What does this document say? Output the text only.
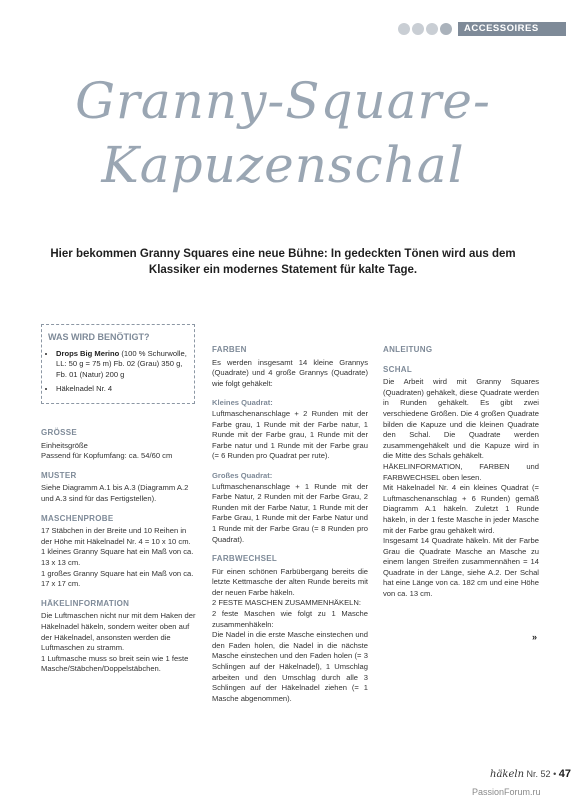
ACCESSOIRES
Granny-Square-
Kapuzenschal
Hier bekommen Granny Squares eine neue Bühne: In gedeckten Tönen wird aus dem Klassiker ein modernes Statement für kalte Tage.
WAS WIRD BENÖTIGT?
• Drops Big Merino (100 % Schurwolle, LL: 50 g = 75 m) Fb. 02 (Grau) 350 g, Fb. 01 (Natur) 200 g
• Häkelnadel Nr. 4

GRÖSSE

Einheitsgröße

Passend für Kopfumfang: ca. 54/60 cm

MUSTER

Siehe Diagramm A.1 bis A.3 (Diagramm A.2 und A.3 sind für das Fertigstellen).

MASCHENPROBE

17 Stäbchen in der Breite und 10 Reihen in der Höhe mit Häkelnadel Nr. 4 = 10 x 10 cm.

1 kleines Granny Square hat ein Maß von ca. 13 x 13 cm.

1 großes Granny Square hat ein Maß von ca. 17 x 17 cm.

HÄKELINFORMATION

Die Luftmaschen nicht nur mit dem Haken der Häkelnadel häkeln, sondern weiter oben auf der Häkelnadel, ansonsten werden die Luftmaschen zu stramm.

1 Luftmasche muss so breit sein wie 1 feste Masche/Stäbchen/Doppelstäbchen.

FARBEN

Es werden insgesamt 14 kleine Grannys (Quadrate) und 4 große Grannys (Quadrate) wie folgt gehäkelt:

Kleines Quadrat:

Luftmaschenanschlage + 2 Runden mit der Farbe grau, 1 Runde mit der Farbe natur, 1 Runde mit der Farbe grau, 1 Runde mit der Farbe natur und 1 Runde mit der Farbe grau (= 6 Runden pro Quadrat per rute).

Großes Quadrat:

Luftmaschenanschlage + 1 Runde mit der Farbe Natur, 2 Runden mit der Farbe Grau, 2 Runden mit der Farbe Natur, 1 Runde mit der Farbe Grau, 1 Runde mit der Farbe Natur und 1 Runde mit der Farbe Grau (= 8 Runden pro Quadrat).

FARBWECHSEL

Für einen schönen Farbübergang bereits die letzte Kettmasche der alten Runde bereits mit der neuen Farbe häkeln.

2 FESTE MASCHEN ZUSAMMENHÄKELN:

2 feste Maschen wie folgt zu 1 Masche zusammenhäkeln:

Die Nadel in die erste Masche einstechen und den Faden holen, die Nadel in die nächste Masche einstechen und den Faden holen (= 3 Schlingen auf der Häkelnadel), 1 Umschlag arbeiten und den Umschlag durch alle 3 Schlingen auf der Häkelnadel ziehen (= 1 Masche abgenommen).

ANLEITUNG

SCHAL

Die Arbeit wird mit Granny Squares (Quadraten) gehäkelt, diese Quadrate werden in Runden gehäkelt. Es gibt zwei verschiedene Größen. Die 4 großen Quadrate bilden die Kapuze und die kleinen Quadrate den Schal. Die Quadrate werden zusammengehäkelt und die Kapuze wird in die Mitte des Schals gehäkelt.

HÄKELINFORMATION, FARBEN und FARBWECHSEL oben lesen.

Mit Häkelnadel Nr. 4 ein kleines Quadrat (= Luftmaschenanschlag + 6 Runden) gemäß Diagramm A.1 häkeln. Zuletzt 1 Runde häkeln, in der 1 feste Masche in jeder Masche mit der Farbe grau gehäkelt wird.

Insgesamt 14 Quadrate häkeln. Mit der Farbe Grau die Quadrate Masche an Masche zu einem langen Streifen zusammennähen = 14 Quadrate in der Länge, siehe A.2. Der Schal hat eine Länge von ca. 182 cm und eine Höhe von ca. 13 cm.

»
häkeln Nr. 52 • 47
PassionForum.ru
